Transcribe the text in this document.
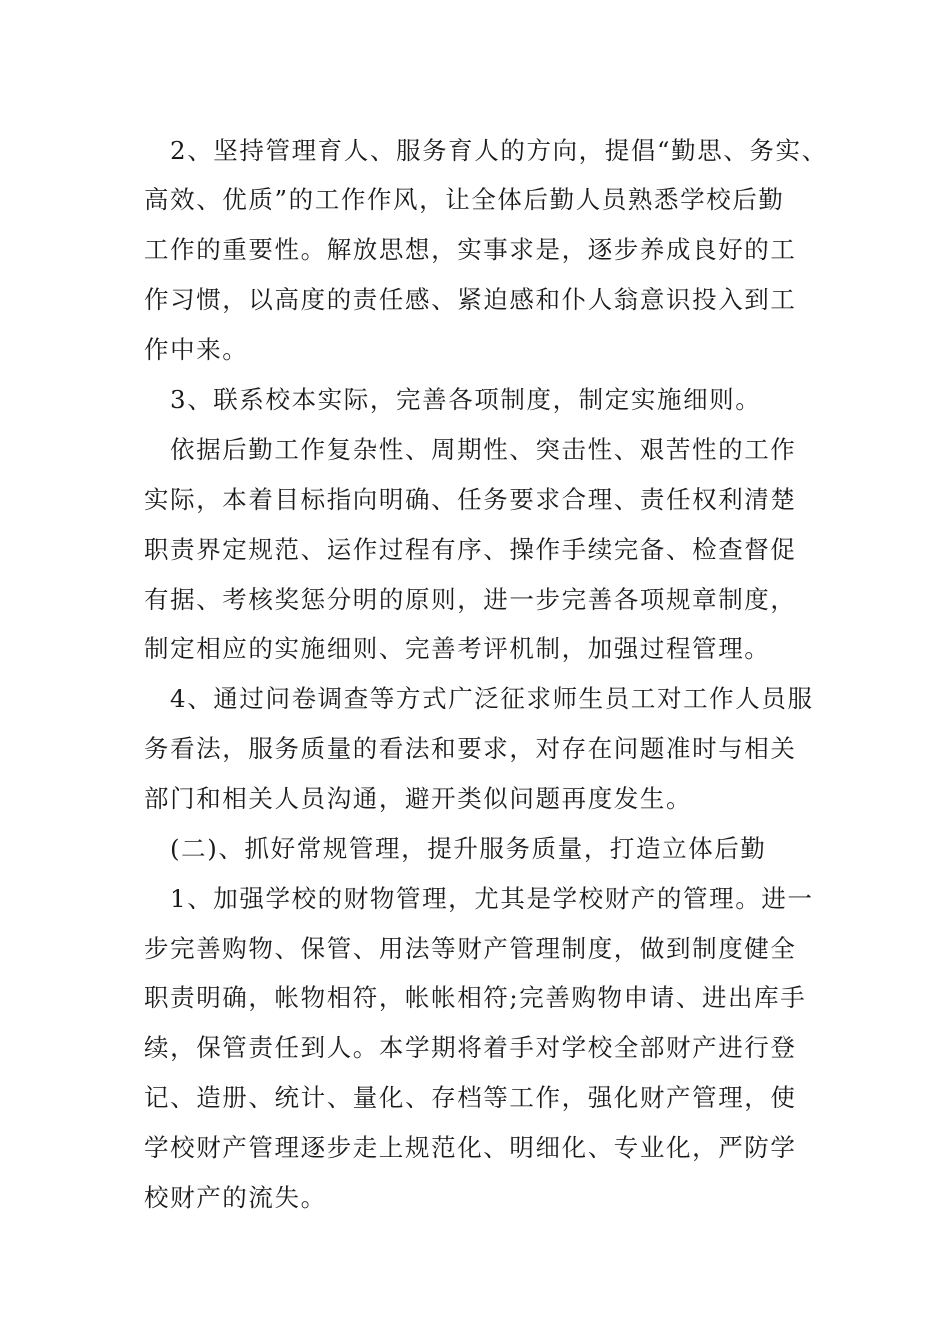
2、坚持管理育人、服务育人的方向，提倡“勤思、务实、
高效、优质”的工作作风，让全体后勤人员熟悉学校后勤
工作的重要性。解放思想，实事求是，逐步养成良好的工
作习惯，以高度的责任感、紧迫感和仆人翁意识投入到工
作中来。
3、联系校本实际，完善各项制度，制定实施细则。
依据后勤工作复杂性、周期性、突击性、艰苦性的工作
实际，本着目标指向明确、任务要求合理、责任权利清楚
职责界定规范、运作过程有序、操作手续完备、检查督促
有据、考核奖惩分明的原则，进一步完善各项规章制度，
制定相应的实施细则、完善考评机制，加强过程管理。
4、通过问卷调查等方式广泛征求师生员工对工作人员服
务看法，服务质量的看法和要求，对存在问题准时与相关
部门和相关人员沟通，避开类似问题再度发生。
(二)、抓好常规管理，提升服务质量，打造立体后勤
1、加强学校的财物管理，尤其是学校财产的管理。进一
步完善购物、保管、用法等财产管理制度，做到制度健全
职责明确，帐物相符，帐帐相符;完善购物申请、进出库手
续，保管责任到人。本学期将着手对学校全部财产进行登
记、造册、统计、量化、存档等工作，强化财产管理，使
学校财产管理逐步走上规范化、明细化、专业化，严防学
校财产的流失。
